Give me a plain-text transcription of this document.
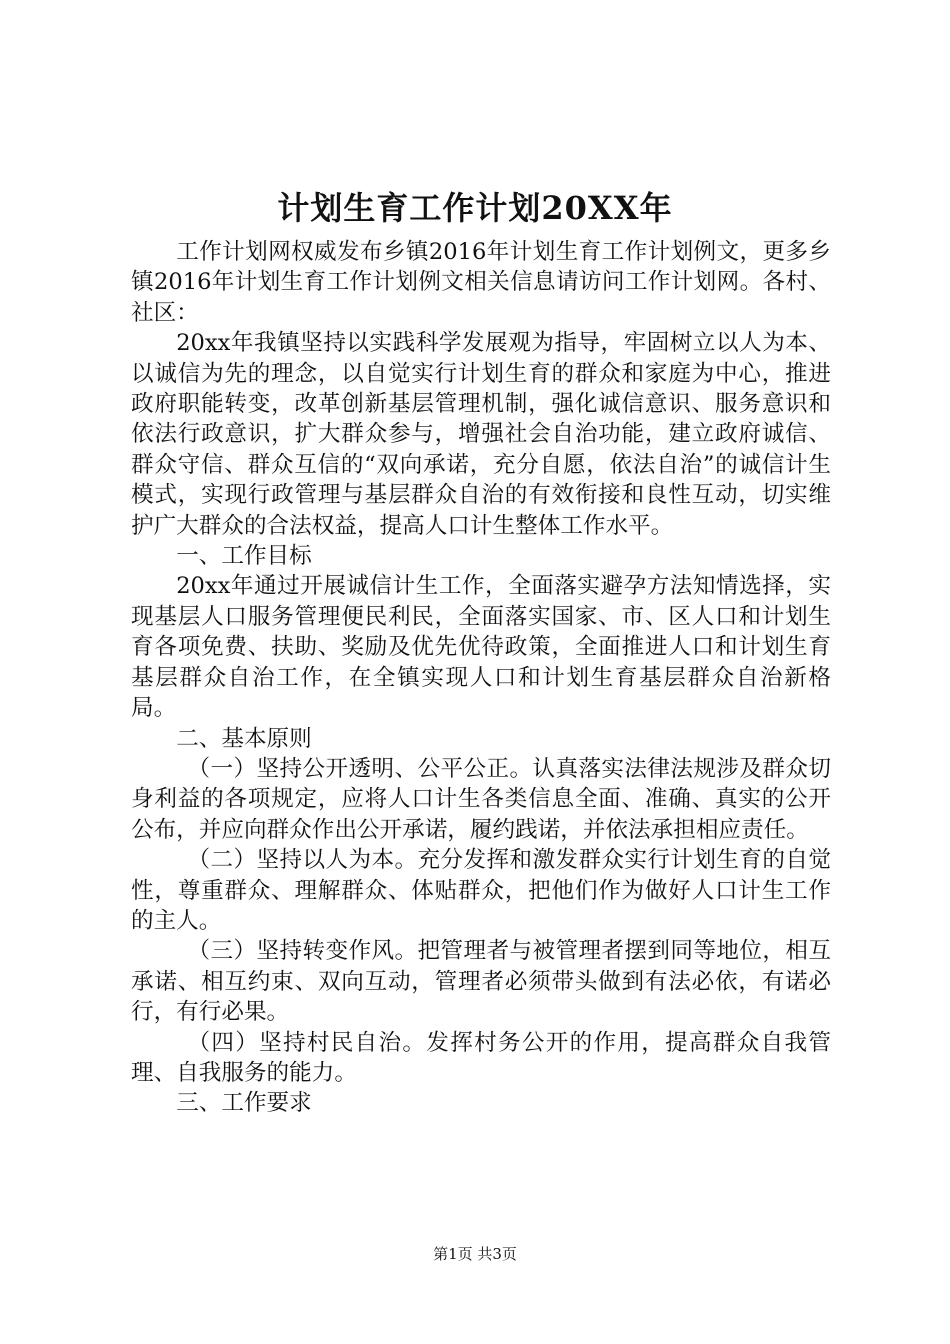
计划生育工作计划20XX年

工作计划网权威发布乡镇2016年计划生育工作计划例文，更多乡镇2016年计划生育工作计划例文相关信息请访问工作计划网。各村、社区：

20xx年我镇坚持以实践科学发展观为指导，牢固树立以人为本、以诚信为先的理念，以自觉实行计划生育的群众和家庭为中心，推进政府职能转变，改革创新基层管理机制，强化诚信意识、服务意识和依法行政意识，扩大群众参与，增强社会自治功能，建立政府诚信、群众守信、群众互信的“双向承诺，充分自愿，依法自治”的诚信计生模式，实现行政管理与基层群众自治的有效衔接和良性互动，切实维护广大群众的合法权益，提高人口计生整体工作水平。

一、工作目标

20xx年通过开展诚信计生工作，全面落实避孕方法知情选择，实现基层人口服务管理便民利民，全面落实国家、市、区人口和计划生育各项免费、扶助、奖励及优先优待政策，全面推进人口和计划生育基层群众自治工作，在全镇实现人口和计划生育基层群众自治新格局。

二、基本原则

（一）坚持公开透明、公平公正。认真落实法律法规涉及群众切身利益的各项规定，应将人口计生各类信息全面、准确、真实的公开公布，并应向群众作出公开承诺，履约践诺，并依法承担相应责任。

（二）坚持以人为本。充分发挥和激发群众实行计划生育的自觉性，尊重群众、理解群众、体贴群众，把他们作为做好人口计生工作的主人。

（三）坚持转变作风。把管理者与被管理者摆到同等地位，相互承诺、相互约束、双向互动，管理者必须带头做到有法必依，有诺必行，有行必果。

（四）坚持村民自治。发挥村务公开的作用，提高群众自我管理、自我服务的能力。

三、工作要求

第1页 共3页
